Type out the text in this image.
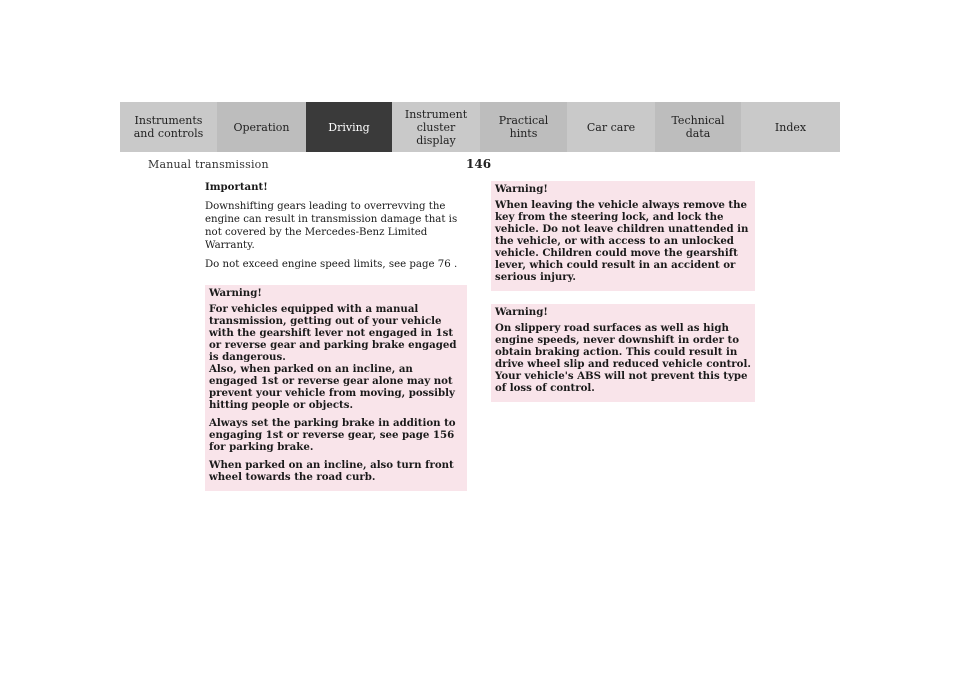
Instruments
and controls	Operation	Driving
Instrument
cluster display
Practical hints	Car care	Technical
data	Index
Manual transmission	146

Important!

Downshifting gears leading to overrevving the engine can result in transmission damage that is not covered by the Mercedes-Benz Limited Warranty.

Do not exceed engine speed limits, see page 76 .

Warning!
For vehicles equipped with a manual transmission, getting out of your vehicle with the gearshift lever not engaged in 1st or reverse gear and parking brake engaged is dangerous.
Also, when parked on an incline, an engaged 1st or reverse gear alone may not prevent your vehicle from moving, possibly hitting people or objects.
Always set the parking brake in addition to engaging 1st or reverse gear, see page 156 for parking brake.
When parked on an incline, also turn front wheel towards the road curb.
Warning!
When leaving the vehicle always remove the key from the steering lock, and lock the vehicle. Do not leave children unattended in the vehicle, or with access to an unlocked vehicle. Children could move the gearshift lever, which could result in an accident or serious injury.
Warning!
On slippery road surfaces as well as high engine speeds, never downshift in order to obtain braking action. This could result in drive wheel slip and reduced vehicle control. Your vehicle's ABS will not prevent this type of loss of control.
